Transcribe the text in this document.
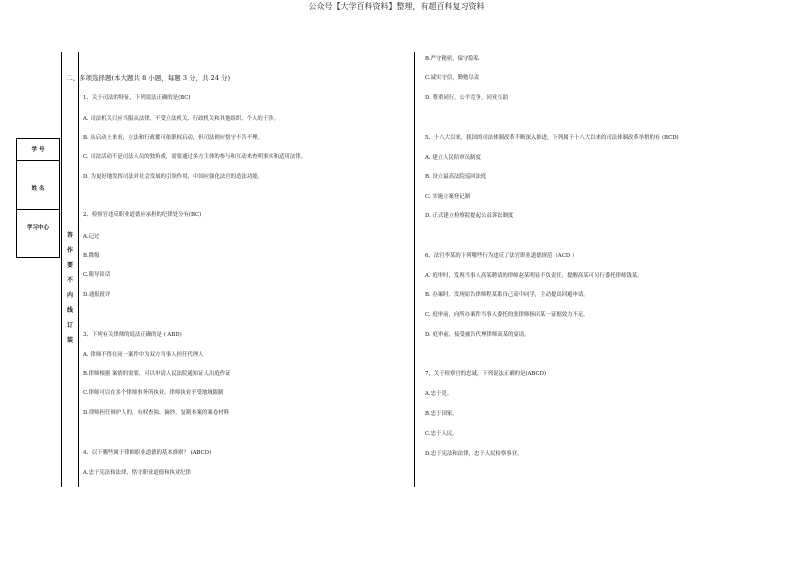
公众号【大学百科资料】整理，有超百科复习资料
学 号
姓 名
学习中心
答
作
要
不
内
线
订
装
二、多项选择题(本大题共 8 小题，每题 3 分，共 24 分)

1、关于司法的特征，下列说法正确的是(BC)

A. 司法机关只应当服从法律，不受立法机关、行政机关和其他组织、个人的干涉。

B. 从启动上来看，立法和行政都可依职权启动，但司法则应恪守不告不理。

C. 司法活动不是司法人员的独角戏，需要通过多方主体的参与和互动来查明事实和适用法律。

D. 为更好地发挥司法对社会发展的引领作用，中国应强化法官的造法功能。

2、检察官违反职业道德应承担的纪律处分有(BC)

A.记过

B.降级

C.限导谈话

D.通报批评

3、下列有关律师的说法正确的是 ( ABD)

A. 律师不得在同一案件中为双方当事人担任代理人

B.律师根据 案情的需要，可以申请人民法院通知证人出庭作证

C.律师可以在多个律师事务所执业，律师执业不受地域限制

D.律师担任辩护人的，有权查阅、摘抄、复制本案的案卷材料

4、以下哪些属于律师职业道德的基本准则？ (ABCD)

A.忠于宪法和法律，恪守职业道德和执业纪律

B.严守秘密，保守隐私

C.诚实守信，勤勉尽责

D. 尊重同行，公平竞争，同业互助

5、十八大以来，我国的司法体制改革不断深入推进，下列属于十八大以来的司法体制改革举措的有 (BCD)

A. 建立人民陪审员制度

B. 设立最高法院巡回法庭

C. 实施立案登记制

D. 正式建立检察院提起公益诉讼制度

6、法官李某的下列哪些行为违反了法官职业道德规范（ACD ）

A. 庭审时，发现当事人高某聘请的律师赵某明显不负责任，提醒高某可另行委托律师钱某。

B. 办案时，发现原告律师程某系自己高中同学，主动提出回避申请。

C. 庭审前，向所办案件当事人委托的张律师指出某一证据效力不足。

D. 庭审前，接受被告代理律师高某的宴请。

7、关于检察官的忠诚，下列说法正确的是(ABCD)

A.忠于党。

B.忠于国家。

C.忠于人民。

D.忠于宪法和法律，忠于人民检察事业。
